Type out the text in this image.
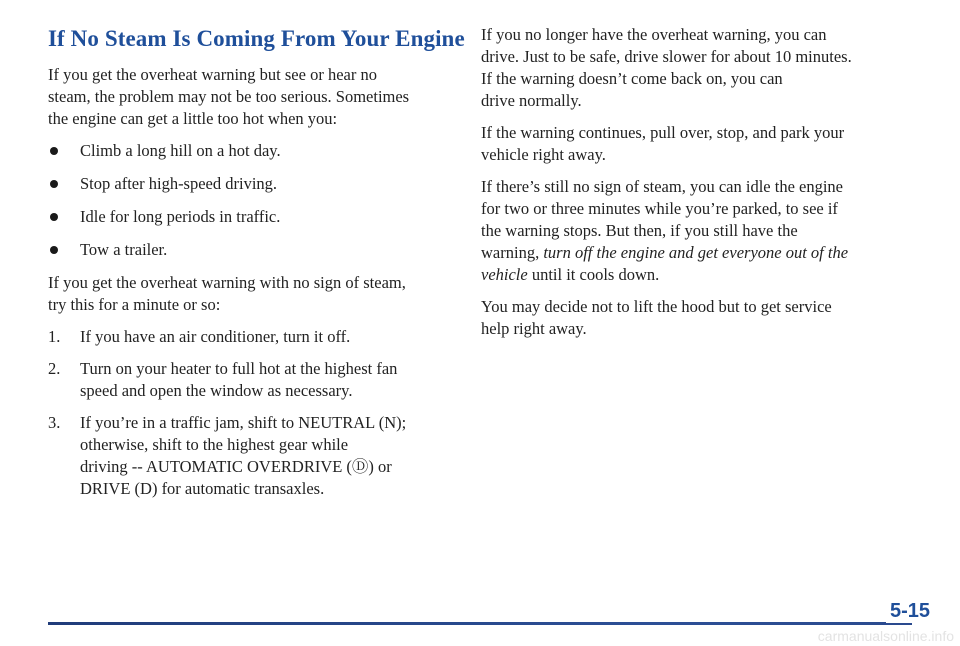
If No Steam Is Coming From Your Engine

If you get the overheat warning but see or hear no
steam, the problem may not be too serious. Sometimes
the engine can get a little too hot when you:

Climb a long hill on a hot day.
Stop after high-speed driving.
Idle for long periods in traffic.
Tow a trailer.

If you get the overheat warning with no sign of steam,
try this for a minute or so:

1. If you have an air conditioner, turn it off.
2. Turn on your heater to full hot at the highest fan
speed and open the window as necessary.
3. If you’re in a traffic jam, shift to NEUTRAL (N);
otherwise, shift to the highest gear while
driving -- AUTOMATIC OVERDRIVE (Ⓓ) or
DRIVE (D) for automatic transaxles.

If you no longer have the overheat warning, you can
drive. Just to be safe, drive slower for about 10 minutes.
If the warning doesn’t come back on, you can
drive normally.

If the warning continues, pull over, stop, and park your
vehicle right away.

If there’s still no sign of steam, you can idle the engine
for two or three minutes while you’re parked, to see if
the warning stops. But then, if you still have the
warning, turn off the engine and get everyone out of the
vehicle until it cools down.

You may decide not to lift the hood but to get service
help right away.

5-15
carmanualsonline.info
